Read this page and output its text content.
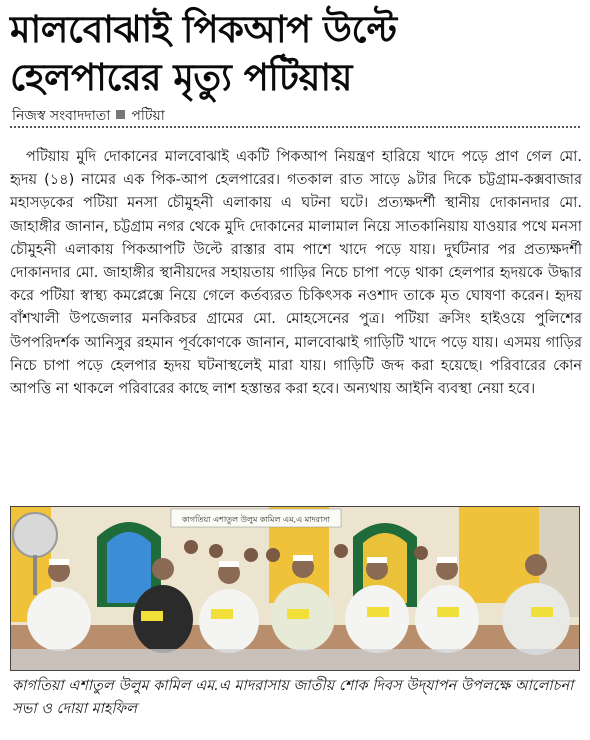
মালবোঝাই পিকআপ উল্টে
হেলপারের মৃত্যু পটিয়ায়
নিজস্ব সংবাদদাতা পটিয়া

পটিয়ায় মুদি দোকানের মালবোঝাই একটি পিকআপ নিয়ন্ত্রণ হারিয়ে খাদে পড়ে প্রাণ গেল মো. হৃদয় (১৪) নামের এক পিক-আপ হেলপারের। গতকাল রাত সাড়ে ৯টার দিকে চট্টগ্রাম-কক্সবাজার মহাসড়কের পটিয়া মনসা চৌমুহনী এলাকায় এ ঘটনা ঘটে। প্রত্যক্ষদর্শী স্থানীয় দোকানদার মো. জাহাঙ্গীর জানান, চট্টগ্রাম নগর থেকে মুদি দোকানের মালামাল নিয়ে সাতকানিয়ায় যাওয়ার পথে মনসা চৌমুহনী এলাকায় পিকআপটি উল্টে রাস্তার বাম পাশে খাদে পড়ে যায়। দুর্ঘটনার পর প্রত্যক্ষদর্শী দোকানদার মো. জাহাঙ্গীর স্থানীয়দের সহায়তায় গাড়ির নিচে চাপা পড়ে থাকা হেলপার হৃদয়কে উদ্ধার করে পটিয়া স্বাস্থ্য কমপ্লেক্সে নিয়ে গেলে কর্তব্যরত চিকিৎসক নওশাদ তাকে মৃত ঘোষণা করেন। হৃদয় বাঁশখালী উপজেলার মনকিরচর গ্রামের মো. মোহসেনের পুত্র। পটিয়া ক্রসিং হাইওয়ে পুলিশের উপপরিদর্শক আনিসুর রহমান পূর্বকোণকে জানান, মালবোঝাই গাড়িটি খাদে পড়ে যায়। এসময় গাড়ির নিচে চাপা পড়ে হেলপার হৃদয় ঘটনাস্থলেই মারা যায়। গাড়িটি জব্দ করা হয়েছে। পরিবারের কোন আপত্তি না থাকলে পরিবারের কাছে লাশ হস্তান্তর করা হবে। অন্যথায় আইনি ব্যবস্থা নেয়া হবে।

কাগতিয়া এশাতুল উলুম কামিল এম,এ মাদরাসা
কাগতিয়া এশাতুল উলুম কামিল এম.এ মাদরাসায় জাতীয় শোক দিবস উদ্‌যাপন উপলক্ষে আলোচনা সভা ও দোয়া মাহফিল
